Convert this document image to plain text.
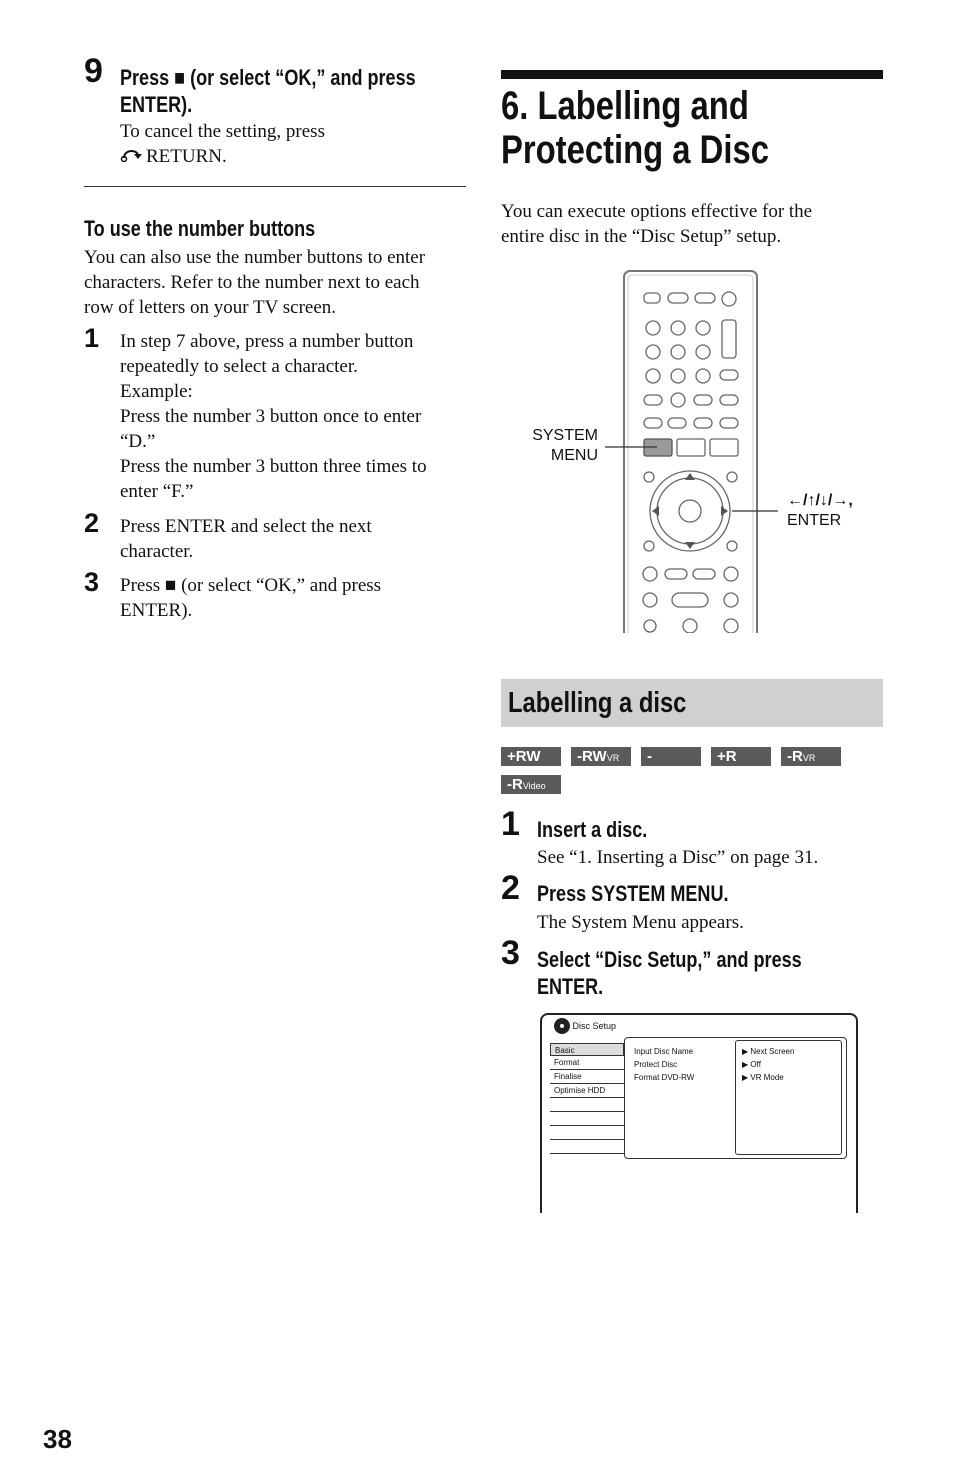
9 Press ■ (or select “OK,” and press
ENTER).
To cancel the setting, press
RETURN.
To use the number buttons
You can also use the number buttons to enter
characters. Refer to the number next to each
row of letters on your TV screen.
1 In step 7 above, press a number button
repeatedly to select a character.
Example:
Press the number 3 button once to enter
“D.”
Press the number 3 button three times to
enter “F.”
2 Press ENTER and select the next
character.
3 Press ■ (or select “OK,” and press
ENTER).
6. Labelling and
Protecting a Disc
You can execute options effective for the
entire disc in the “Disc Setup” setup.
SYSTEM
MENU
←/↑/↓/→,
ENTER
Labelling a disc
+RW	-RWVR	-RWVideo
+R	-RVR
-RVideo
1 Insert a disc.
See “1. Inserting a Disc” on page 31.
2 Press SYSTEM MENU.
The System Menu appears.
3 Select “Disc Setup,” and press
ENTER.
Disc Setup
Basic
Format
Finalise
Optimise HDD
Input Disc Name
Protect Disc
Format DVD-RW
▶ Next Screen
▶ Off
▶ VR Mode
38
